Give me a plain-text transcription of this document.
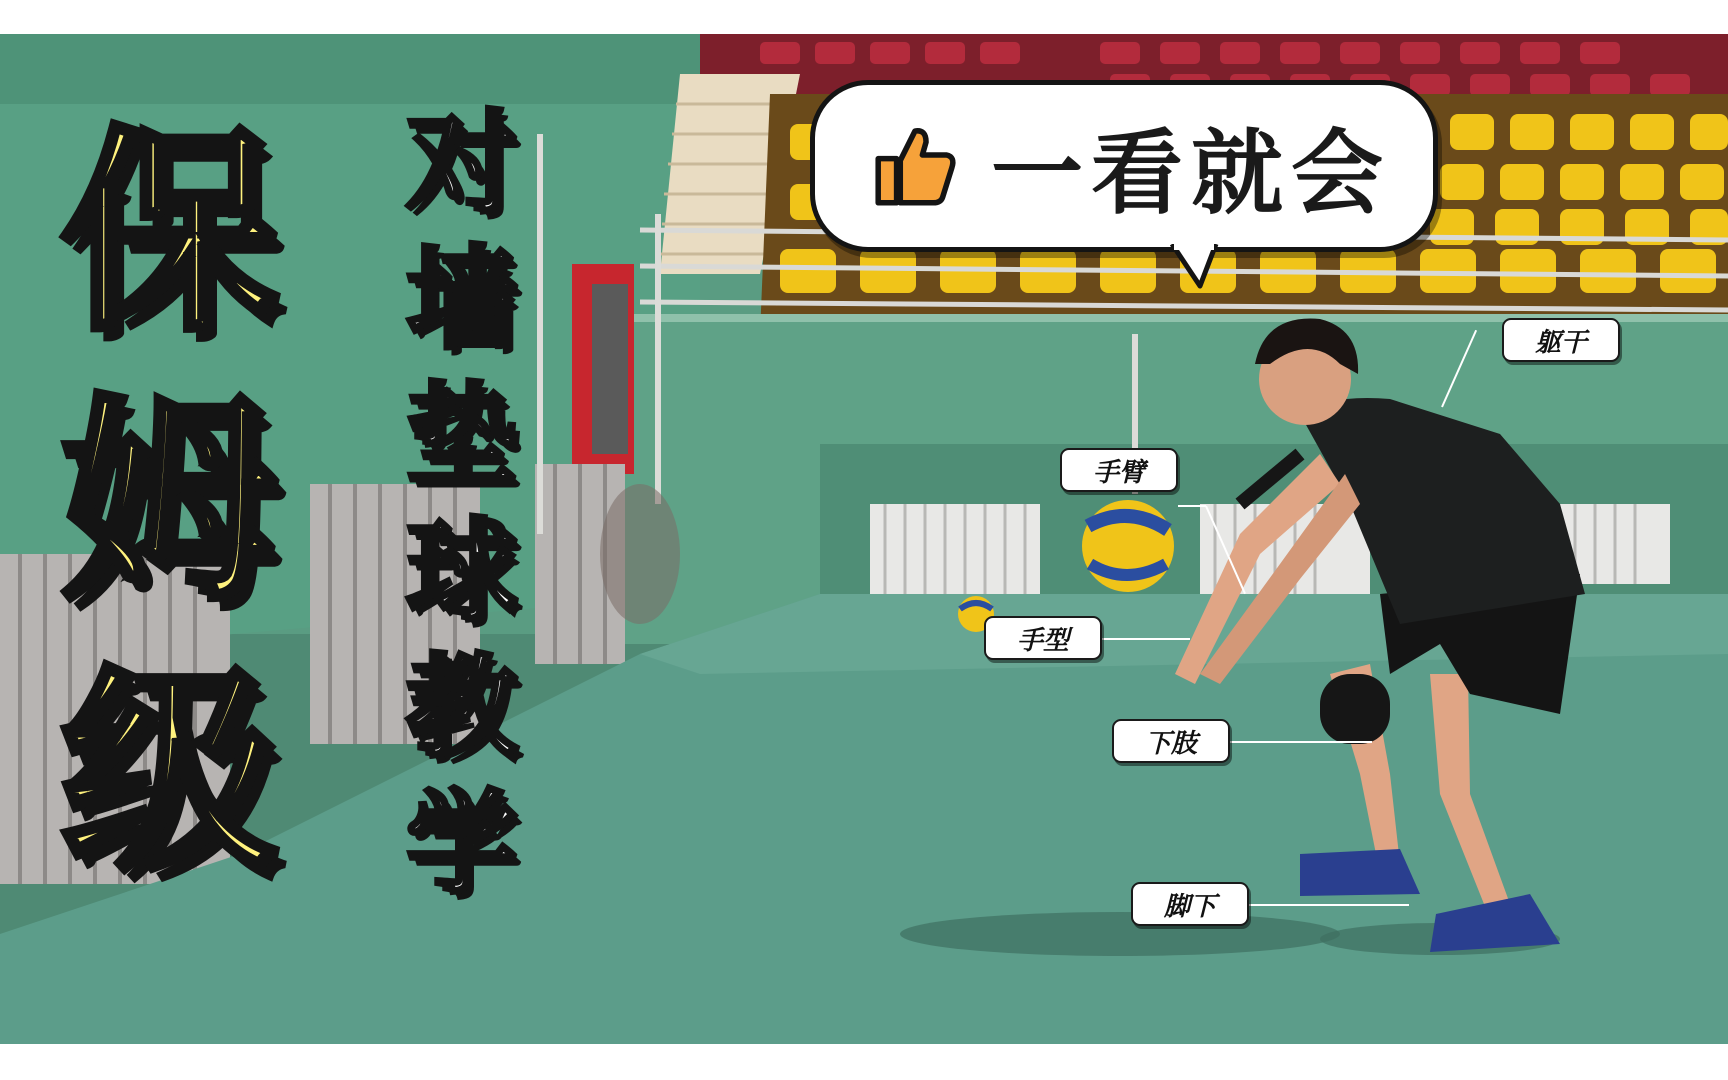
保
姆
级
对
墙
垫
球
教
学
一看就会
躯干
手臂
手型
下肢
脚下
